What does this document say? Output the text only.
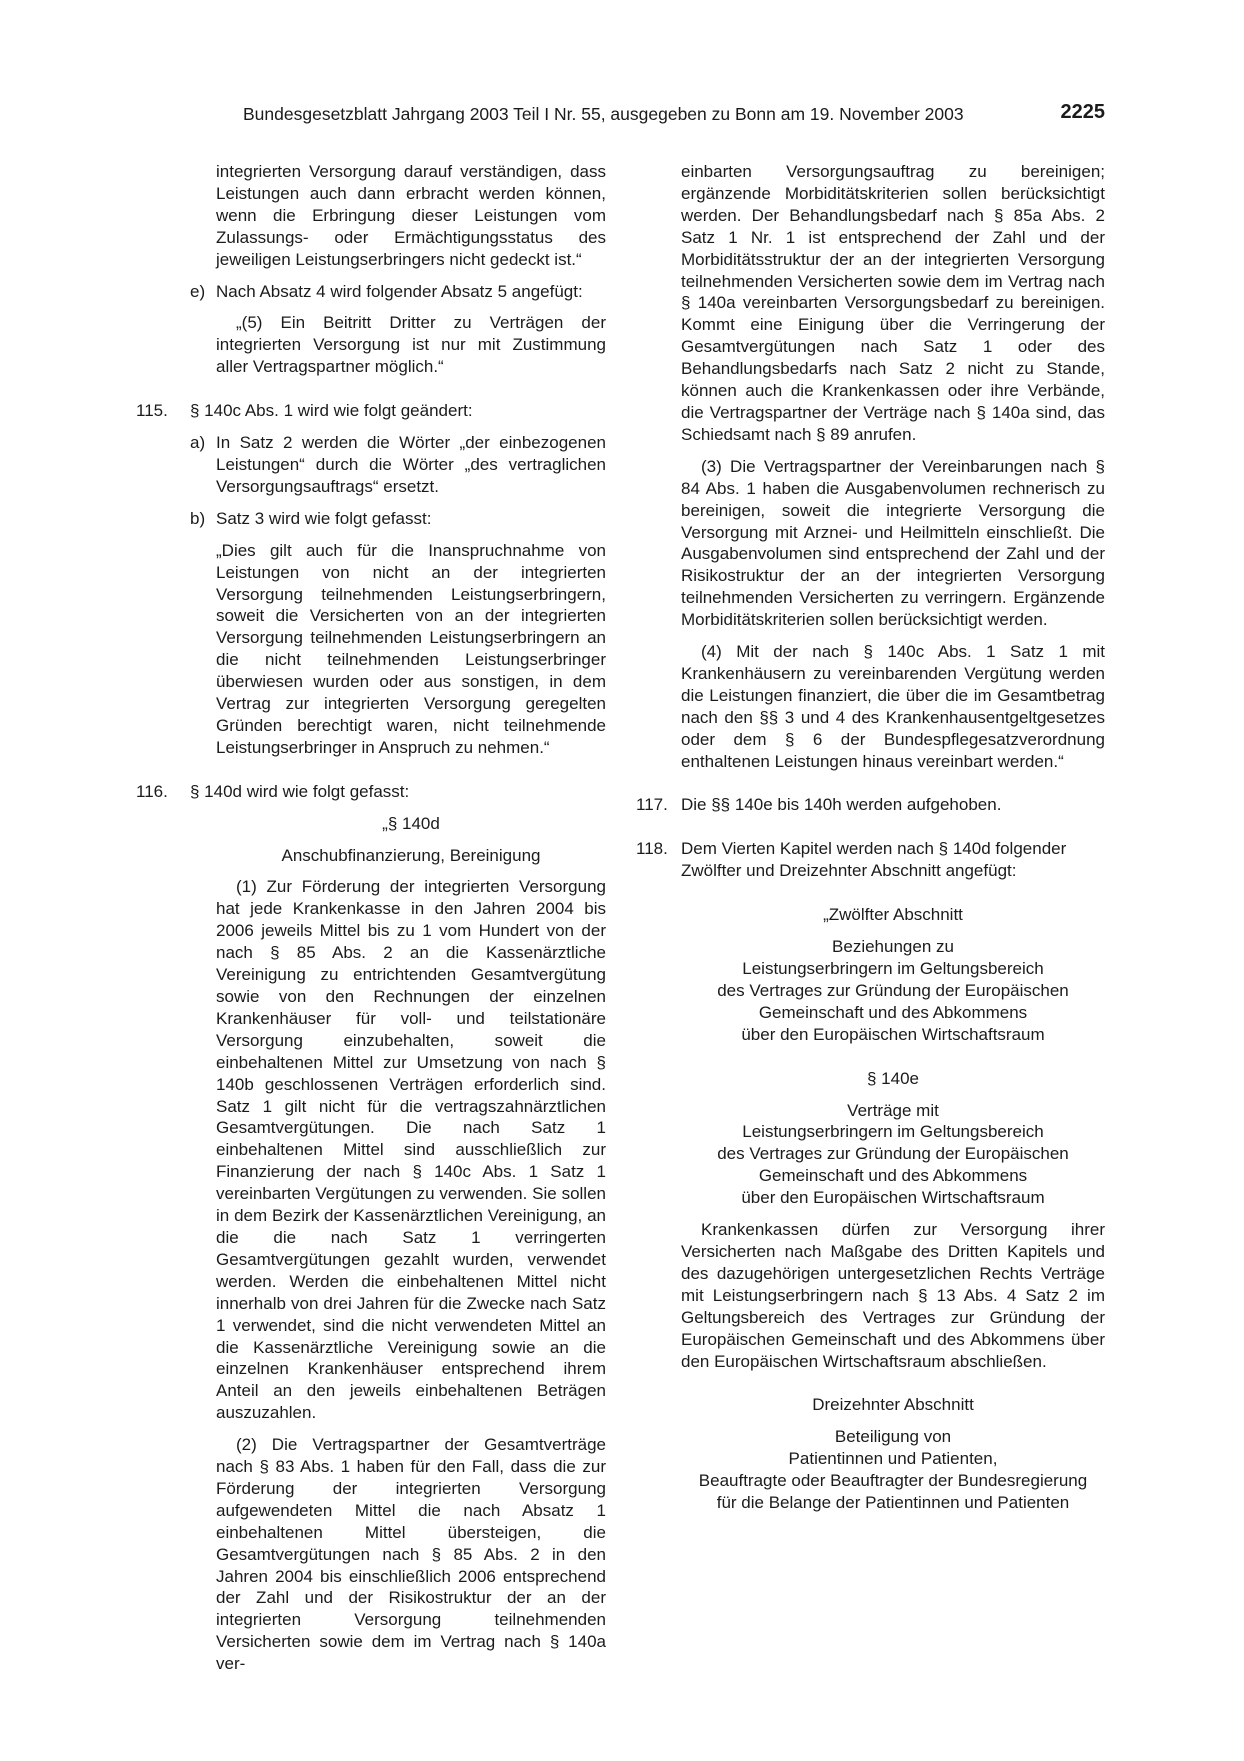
Bundesgesetzblatt Jahrgang 2003 Teil I Nr. 55, ausgegeben zu Bonn am 19. November 2003	2225

integrierten Versorgung darauf verständigen, dass Leistungen auch dann erbracht werden können, wenn die Erbringung dieser Leistungen vom Zulassungs- oder Ermächtigungsstatus des jeweiligen Leistungserbringers nicht gedeckt ist.“

e) Nach Absatz 4 wird folgender Absatz 5 angefügt:

„(5) Ein Beitritt Dritter zu Verträgen der integrierten Versorgung ist nur mit Zustimmung aller Vertragspartner möglich.“

115.	§ 140c Abs. 1 wird wie folgt geändert:
a) In Satz 2 werden die Wörter „der einbezogenen Leistungen“ durch die Wörter „des vertraglichen Versorgungsauftrags“ ersetzt.
b) Satz 3 wird wie folgt gefasst:

„Dies gilt auch für die Inanspruchnahme von Leistungen von nicht an der integrierten Versorgung teilnehmenden Leistungserbringern, soweit die Versicherten von an der integrierten Versorgung teilnehmenden Leistungserbringern an die nicht teilnehmenden Leistungserbringer überwiesen wurden oder aus sonstigen, in dem Vertrag zur integrierten Versorgung geregelten Gründen berechtigt waren, nicht teilnehmende Leistungserbringer in Anspruch zu nehmen.“

116.	§ 140d wird wie folgt gefasst:

„§ 140d

Anschubfinanzierung, Bereinigung

(1) Zur Förderung der integrierten Versorgung hat jede Krankenkasse in den Jahren 2004 bis 2006 jeweils Mittel bis zu 1 vom Hundert von der nach § 85 Abs. 2 an die Kassenärztliche Vereinigung zu entrichtenden Gesamtvergütung sowie von den Rechnungen der einzelnen Krankenhäuser für voll- und teilstationäre Versorgung einzubehalten, soweit die einbehaltenen Mittel zur Umsetzung von nach § 140b geschlossenen Verträgen erforderlich sind. Satz 1 gilt nicht für die vertragszahnärztlichen Gesamtvergütungen. Die nach Satz 1 einbehaltenen Mittel sind ausschließlich zur Finanzierung der nach § 140c Abs. 1 Satz 1 vereinbarten Vergütungen zu verwenden. Sie sollen in dem Bezirk der Kassenärztlichen Vereinigung, an die die nach Satz 1 verringerten Gesamtvergütungen gezahlt wurden, verwendet werden. Werden die einbehaltenen Mittel nicht innerhalb von drei Jahren für die Zwecke nach Satz 1 verwendet, sind die nicht verwendeten Mittel an die Kassenärztliche Vereinigung sowie an die einzelnen Krankenhäuser entsprechend ihrem Anteil an den jeweils einbehaltenen Beträgen auszuzahlen.

(2) Die Vertragspartner der Gesamtverträge nach § 83 Abs. 1 haben für den Fall, dass die zur Förderung der integrierten Versorgung aufgewendeten Mittel die nach Absatz 1 einbehaltenen Mittel übersteigen, die Gesamtvergütungen nach § 85 Abs. 2 in den Jahren 2004 bis einschließlich 2006 entsprechend der Zahl und der Risikostruktur der an der integrierten Versorgung teilnehmenden Versicherten sowie dem im Vertrag nach § 140a ver-

einbarten Versorgungsauftrag zu bereinigen; ergänzende Morbiditätskriterien sollen berücksichtigt werden. Der Behandlungsbedarf nach § 85a Abs. 2 Satz 1 Nr. 1 ist entsprechend der Zahl und der Morbiditätsstruktur der an der integrierten Versorgung teilnehmenden Versicherten sowie dem im Vertrag nach § 140a vereinbarten Versorgungsbedarf zu bereinigen. Kommt eine Einigung über die Verringerung der Gesamtvergütungen nach Satz 1 oder des Behandlungsbedarfs nach Satz 2 nicht zu Stande, können auch die Krankenkassen oder ihre Verbände, die Vertragspartner der Verträge nach § 140a sind, das Schiedsamt nach § 89 anrufen.

(3) Die Vertragspartner der Vereinbarungen nach § 84 Abs. 1 haben die Ausgabenvolumen rechnerisch zu bereinigen, soweit die integrierte Versorgung die Versorgung mit Arznei- und Heilmitteln einschließt. Die Ausgabenvolumen sind entsprechend der Zahl und der Risikostruktur der an der integrierten Versorgung teilnehmenden Versicherten zu verringern. Ergänzende Morbiditätskriterien sollen berücksichtigt werden.

(4) Mit der nach § 140c Abs. 1 Satz 1 mit Krankenhäusern zu vereinbarenden Vergütung werden die Leistungen finanziert, die über die im Gesamtbetrag nach den §§ 3 und 4 des Krankenhausentgeltgesetzes oder dem § 6 der Bundespflegesatzverordnung enthaltenen Leistungen hinaus vereinbart werden.“

117. Die §§ 140e bis 140h werden aufgehoben.
118. Dem Vierten Kapitel werden nach § 140d folgender Zwölfter und Dreizehnter Abschnitt angefügt:

„Zwölfter Abschnitt

Beziehungen zu
Leistungserbringern im Geltungsbereich
des Vertrages zur Gründung der Europäischen
Gemeinschaft und des Abkommens
über den Europäischen Wirtschaftsraum

§ 140e

Verträge mit
Leistungserbringern im Geltungsbereich
des Vertrages zur Gründung der Europäischen
Gemeinschaft und des Abkommens
über den Europäischen Wirtschaftsraum

Krankenkassen dürfen zur Versorgung ihrer Versicherten nach Maßgabe des Dritten Kapitels und des dazugehörigen untergesetzlichen Rechts Verträge mit Leistungserbringern nach § 13 Abs. 4 Satz 2 im Geltungsbereich des Vertrages zur Gründung der Europäischen Gemeinschaft und des Abkommens über den Europäischen Wirtschaftsraum abschließen.

Dreizehnter Abschnitt

Beteiligung von
Patientinnen und Patienten,
Beauftragte oder Beauftragter der Bundesregierung
für die Belange der Patientinnen und Patienten
